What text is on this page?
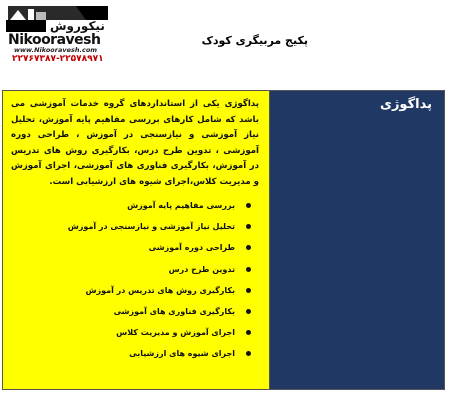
نیکوروش
Nikooravesh
www.Nikooravesh.com
۲۲۷۶۷۳۸۷-۲۲۵۷۸۹۷۱
پکیج مربیگری کودک

پداگوژی یکی از استانداردهای گروه خدمات آموزشی می باشد که شامل کارهای بررسی مفاهیم پایه آموزش، تحلیل نیاز آموزشی و نیازسنجی در آموزش ، طراحی دوره آموزشی ، تدوین طرح درس، بکارگیری روش های تدریس در آموزش، بکارگیری فناوری های آموزشی، اجرای آموزش و مدیریت کلاس،اجرای شیوه های ارزشیابی است.

بررسی مفاهیم پایه آموزش
تحلیل نیاز آموزشی و نیازسنجی در آموزش
طراحی دوره آموزشی
تدوین طرح درس
بکارگیری روش های تدریس در آموزش
بکارگیری فناوری های آموزشی
اجرای آموزش و مدیریت کلاس
اجرای شیوه های ارزشیابی
پداگوژی
